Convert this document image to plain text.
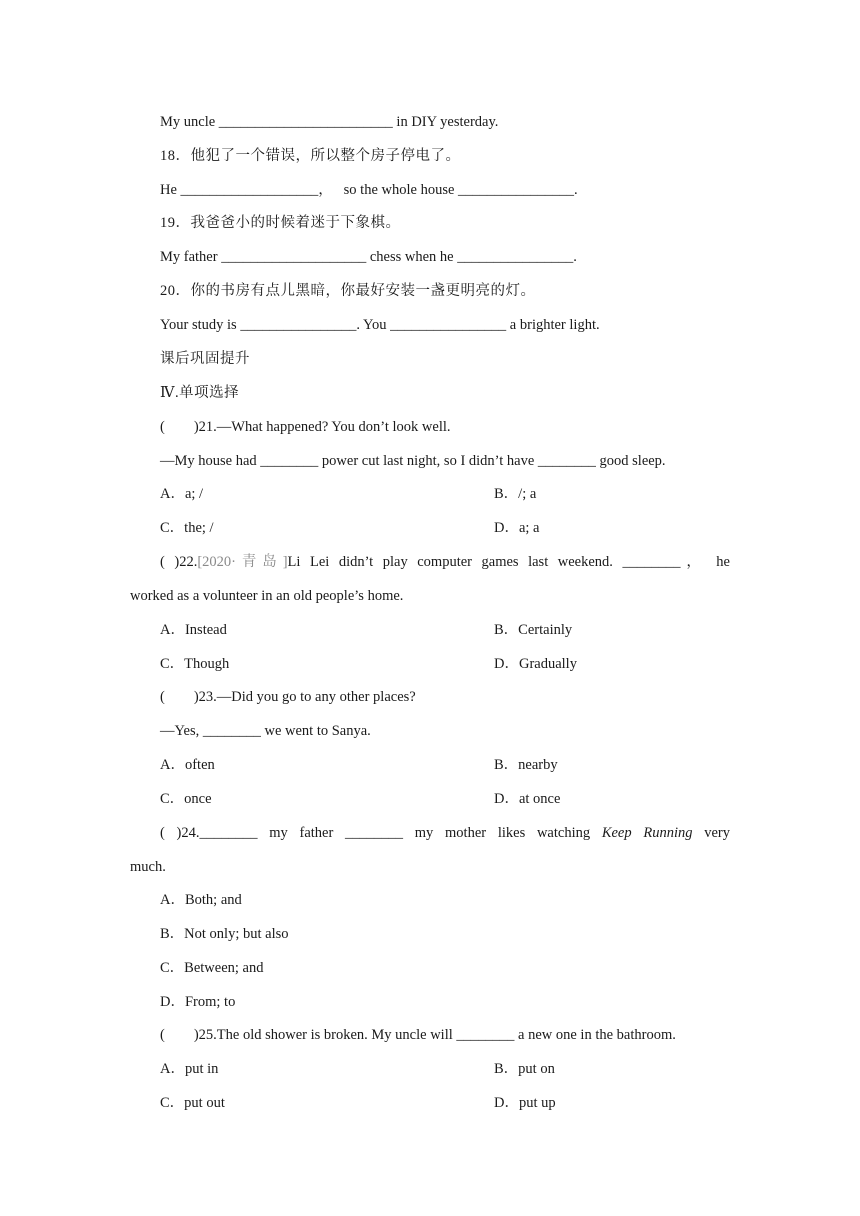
My uncle ________________________ in DIY yesterday.
18．他犯了一个错误，所以整个房子停电了。
He ___________________，   so the whole house ________________.
19．我爸爸小的时候着迷于下象棋。
My father ____________________ chess when he ________________.
20．你的书房有点儿黑暗，你最好安装一盏更明亮的灯。
Your study is ________________. You ________________ a brighter light.
课后巩固提升
Ⅳ.单项选择
(        )21.—What happened? You don’t look well.
—My house had ________ power cut last night, so I didn’t have ________ good sleep.
A．a; /	B．/; a
C．the; /	D．a; a
( )22.[2020·青岛]Li Lei didn’t play computer games last weekend. ________， he
worked as a volunteer in an old people’s home.
A．Instead	B．Certainly
C．Though	D．Gradually
(        )23.—Did you go to any other places?
—Yes, ________ we went to Sanya.
A．often	B．nearby
C．once	D．at once
( )24.________ my father ________ my mother likes watching Keep Running very
much.
A．Both; and
B．Not only; but also
C．Between; and
D．From; to
(        )25.The old shower is broken. My uncle will ________ a new one in the bathroom.
A．put in	B．put on
C．put out	D．put up
